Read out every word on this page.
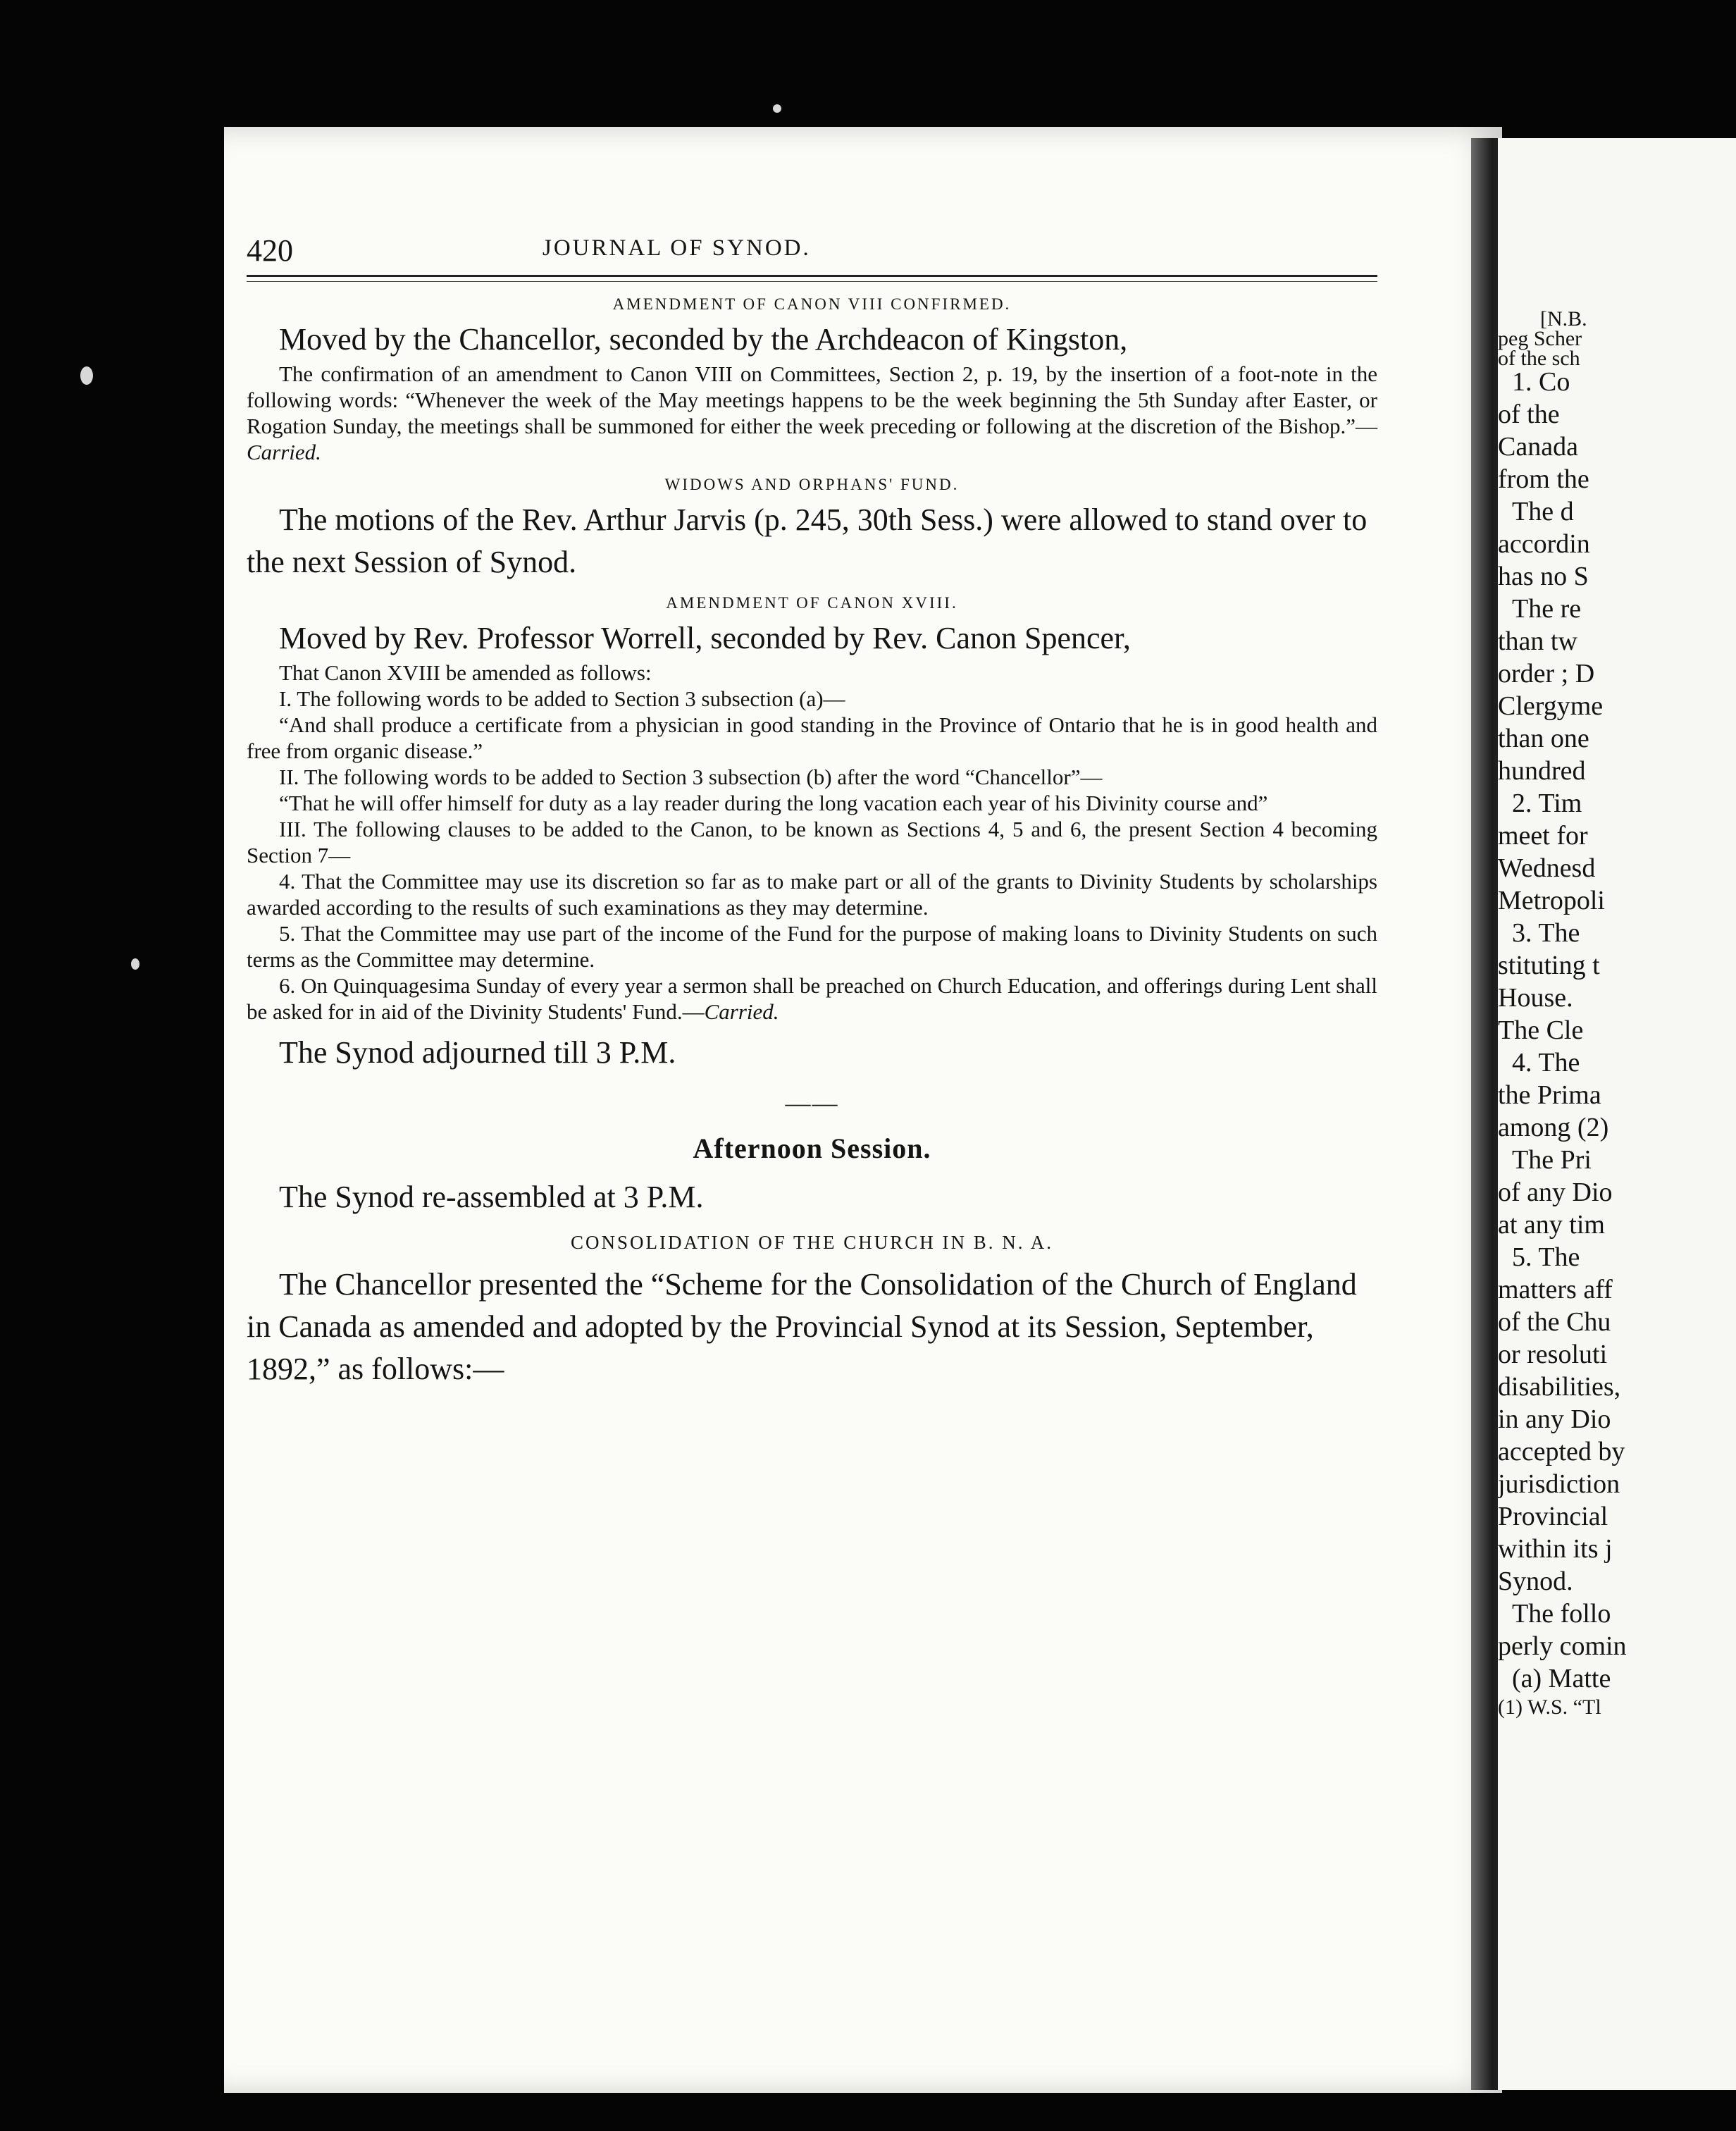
420	JOURNAL OF SYNOD.

AMENDMENT OF CANON VIII CONFIRMED.

Moved by the Chancellor, seconded by the Archdeacon of Kingston,

The confirmation of an amendment to Canon VIII on Committees, Section 2, p. 19, by the insertion of a foot-note in the following words: “Whenever the week of the May meetings happens to be the week beginning the 5th Sunday after Easter, or Rogation Sunday, the meetings shall be summoned for either the week preceding or following at the discretion of the Bishop.”—Carried.

WIDOWS AND ORPHANS' FUND.

The motions of the Rev. Arthur Jarvis (p. 245, 30th Sess.) were allowed to stand over to the next Session of Synod.

AMENDMENT OF CANON XVIII.

Moved by Rev. Professor Worrell, seconded by Rev. Canon Spencer,

That Canon XVIII be amended as follows:

I. The following words to be added to Section 3 subsection (a)—

“And shall produce a certificate from a physician in good standing in the Province of Ontario that he is in good health and free from organic disease.”

II. The following words to be added to Section 3 subsection (b) after the word “Chancellor”—

“That he will offer himself for duty as a lay reader during the long vacation each year of his Divinity course and”

III. The following clauses to be added to the Canon, to be known as Sections 4, 5 and 6, the present Section 4 becoming Section 7—

4. That the Committee may use its discretion so far as to make part or all of the grants to Divinity Students by scholarships awarded according to the results of such examinations as they may determine.

5. That the Committee may use part of the income of the Fund for the purpose of making loans to Divinity Students on such terms as the Committee may determine.

6. On Quinquagesima Sunday of every year a sermon shall be preached on Church Education, and offerings during Lent shall be asked for in aid of the Divinity Students' Fund.—Carried.

The Synod adjourned till 3 P.M.

——
Afternoon Session.

The Synod re-assembled at 3 P.M.

CONSOLIDATION OF THE CHURCH IN B. N. A.

The Chancellor presented the “Scheme for the Consolidation of the Church of England in Canada as amended and adopted by the Provincial Synod at its Session, September, 1892,” as follows:—

[N.B.
peg Scher
of the sch
1. Co
of the
Canada
from the
The d
accordin
has no S
The re
than tw
order ; D
Clergyme
than one
hundred
2. Tim
meet for
Wednesd
Metropoli
3. The
stituting t
House.
The Cle
4. The
the Prima
among (2)
The Pri
of any Dio
at any tim
5. The
matters aff
of the Chu
or resoluti
disabilities,
in any Dio
accepted by
jurisdiction
Provincial
within its j
Synod.
The follo
perly comin
(a) Matte
(1) W.S. “Tl
